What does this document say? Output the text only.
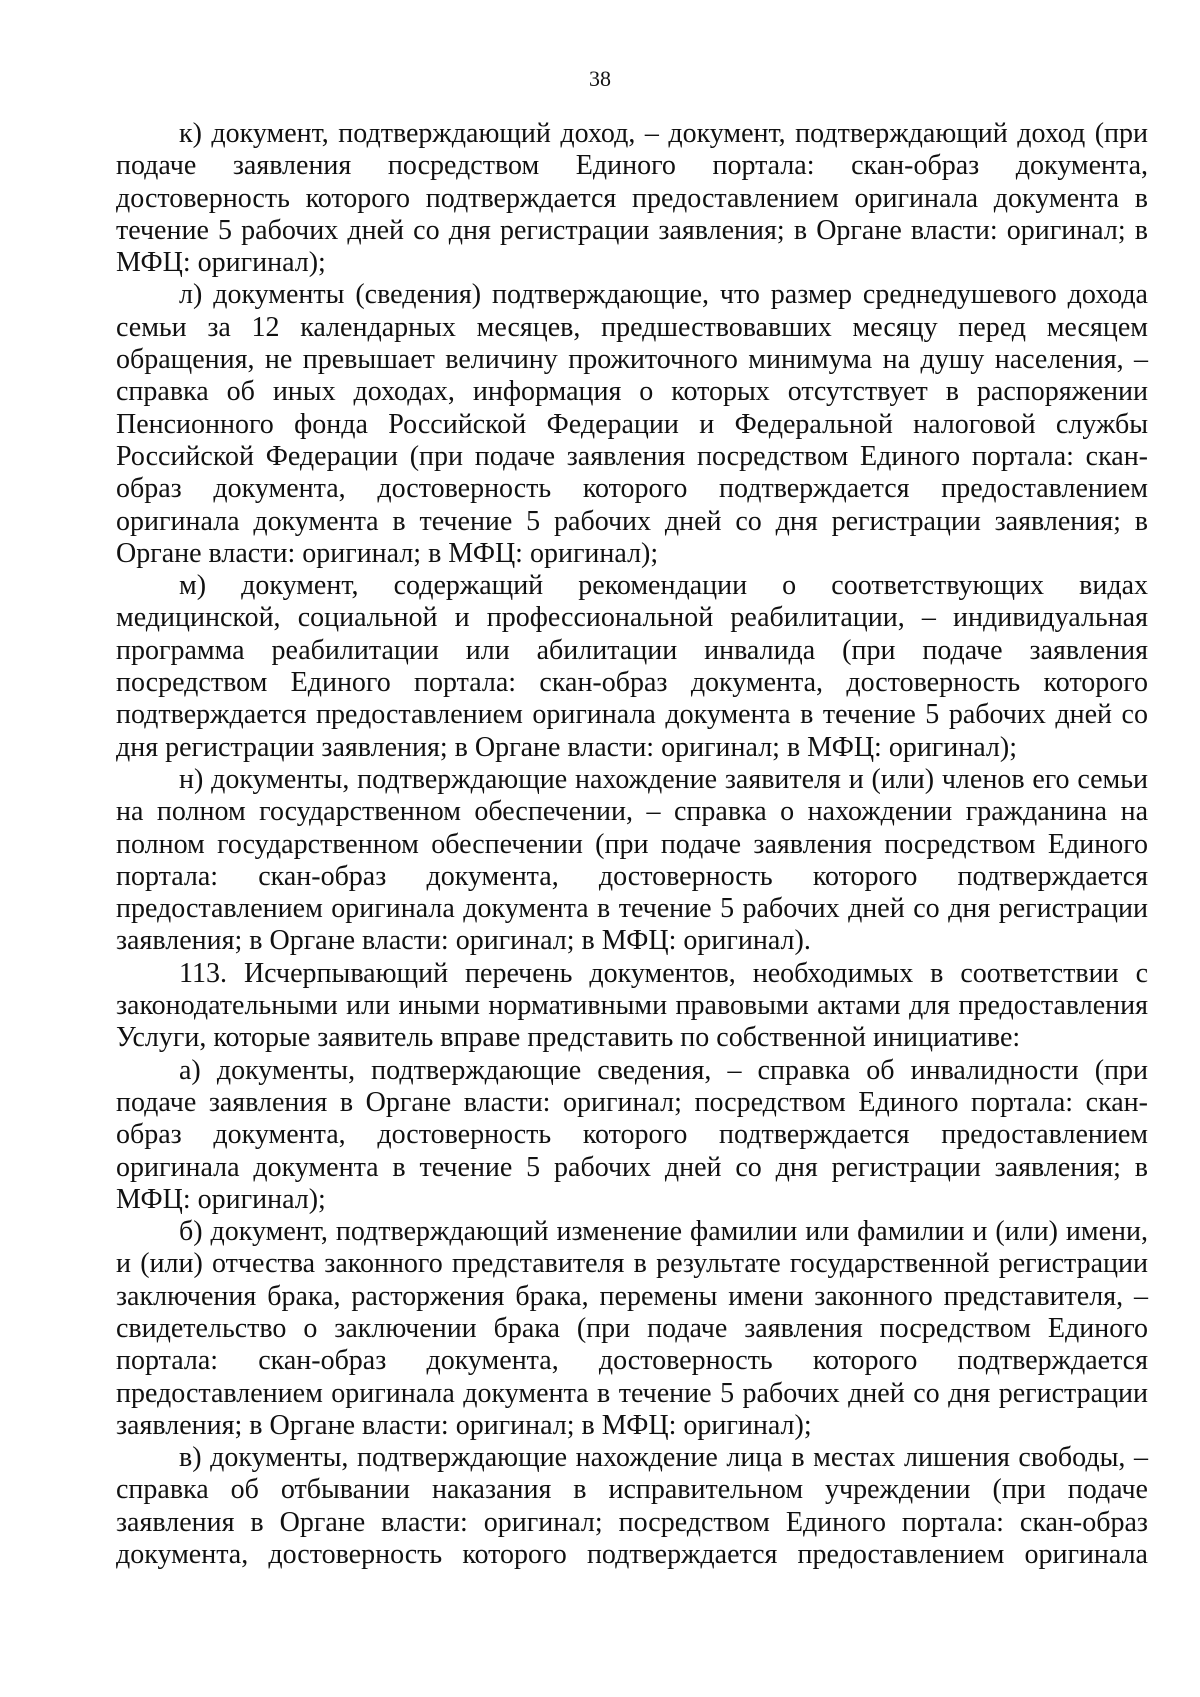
38

к) документ, подтверждающий доход, – документ, подтверждающий доход (при подаче заявления посредством Единого портала: скан-образ документа, достоверность которого подтверждается предоставлением оригинала документа в течение 5 рабочих дней со дня регистрации заявления; в Органе власти: оригинал; в МФЦ: оригинал);

л) документы (сведения) подтверждающие, что размер среднедушевого дохода семьи за 12 календарных месяцев, предшествовавших месяцу перед месяцем обращения, не превышает величину прожиточного минимума на душу населения, – справка об иных доходах, информация о которых отсутствует в распоряжении Пенсионного фонда Российской Федерации и Федеральной налоговой службы Российской Федерации (при подаче заявления посредством Единого портала: скан-образ документа, достоверность которого подтверждается предоставлением оригинала документа в течение 5 рабочих дней со дня регистрации заявления; в Органе власти: оригинал; в МФЦ: оригинал);

м) документ, содержащий рекомендации о соответствующих видах медицинской, социальной и профессиональной реабилитации, – индивидуальная программа реабилитации или абилитации инвалида (при подаче заявления посредством Единого портала: скан-образ документа, достоверность которого подтверждается предоставлением оригинала документа в течение 5 рабочих дней со дня регистрации заявления; в Органе власти: оригинал; в МФЦ: оригинал);

н) документы, подтверждающие нахождение заявителя и (или) членов его семьи на полном государственном обеспечении, – справка о нахождении гражданина на полном государственном обеспечении (при подаче заявления посредством Единого портала: скан-образ документа, достоверность которого подтверждается предоставлением оригинала документа в течение 5 рабочих дней со дня регистрации заявления; в Органе власти: оригинал; в МФЦ: оригинал).

113. Исчерпывающий перечень документов, необходимых в соответствии с законодательными или иными нормативными правовыми актами для предоставления Услуги, которые заявитель вправе представить по собственной инициативе:

а) документы, подтверждающие сведения, – справка об инвалидности (при подаче заявления в Органе власти: оригинал; посредством Единого портала: скан-образ документа, достоверность которого подтверждается предоставлением оригинала документа в течение 5 рабочих дней со дня регистрации заявления; в МФЦ: оригинал);

б) документ, подтверждающий изменение фамилии или фамилии и (или) имени, и (или) отчества законного представителя в результате государственной регистрации заключения брака, расторжения брака, перемены имени законного представителя, – свидетельство о заключении брака (при подаче заявления посредством Единого портала: скан-образ документа, достоверность которого подтверждается предоставлением оригинала документа в течение 5 рабочих дней со дня регистрации заявления; в Органе власти: оригинал; в МФЦ: оригинал);

в) документы, подтверждающие нахождение лица в местах лишения свободы, – справка об отбывании наказания в исправительном учреждении (при подаче заявления в Органе власти: оригинал; посредством Единого портала: скан-образ документа, достоверность которого подтверждается предоставлением оригинала
